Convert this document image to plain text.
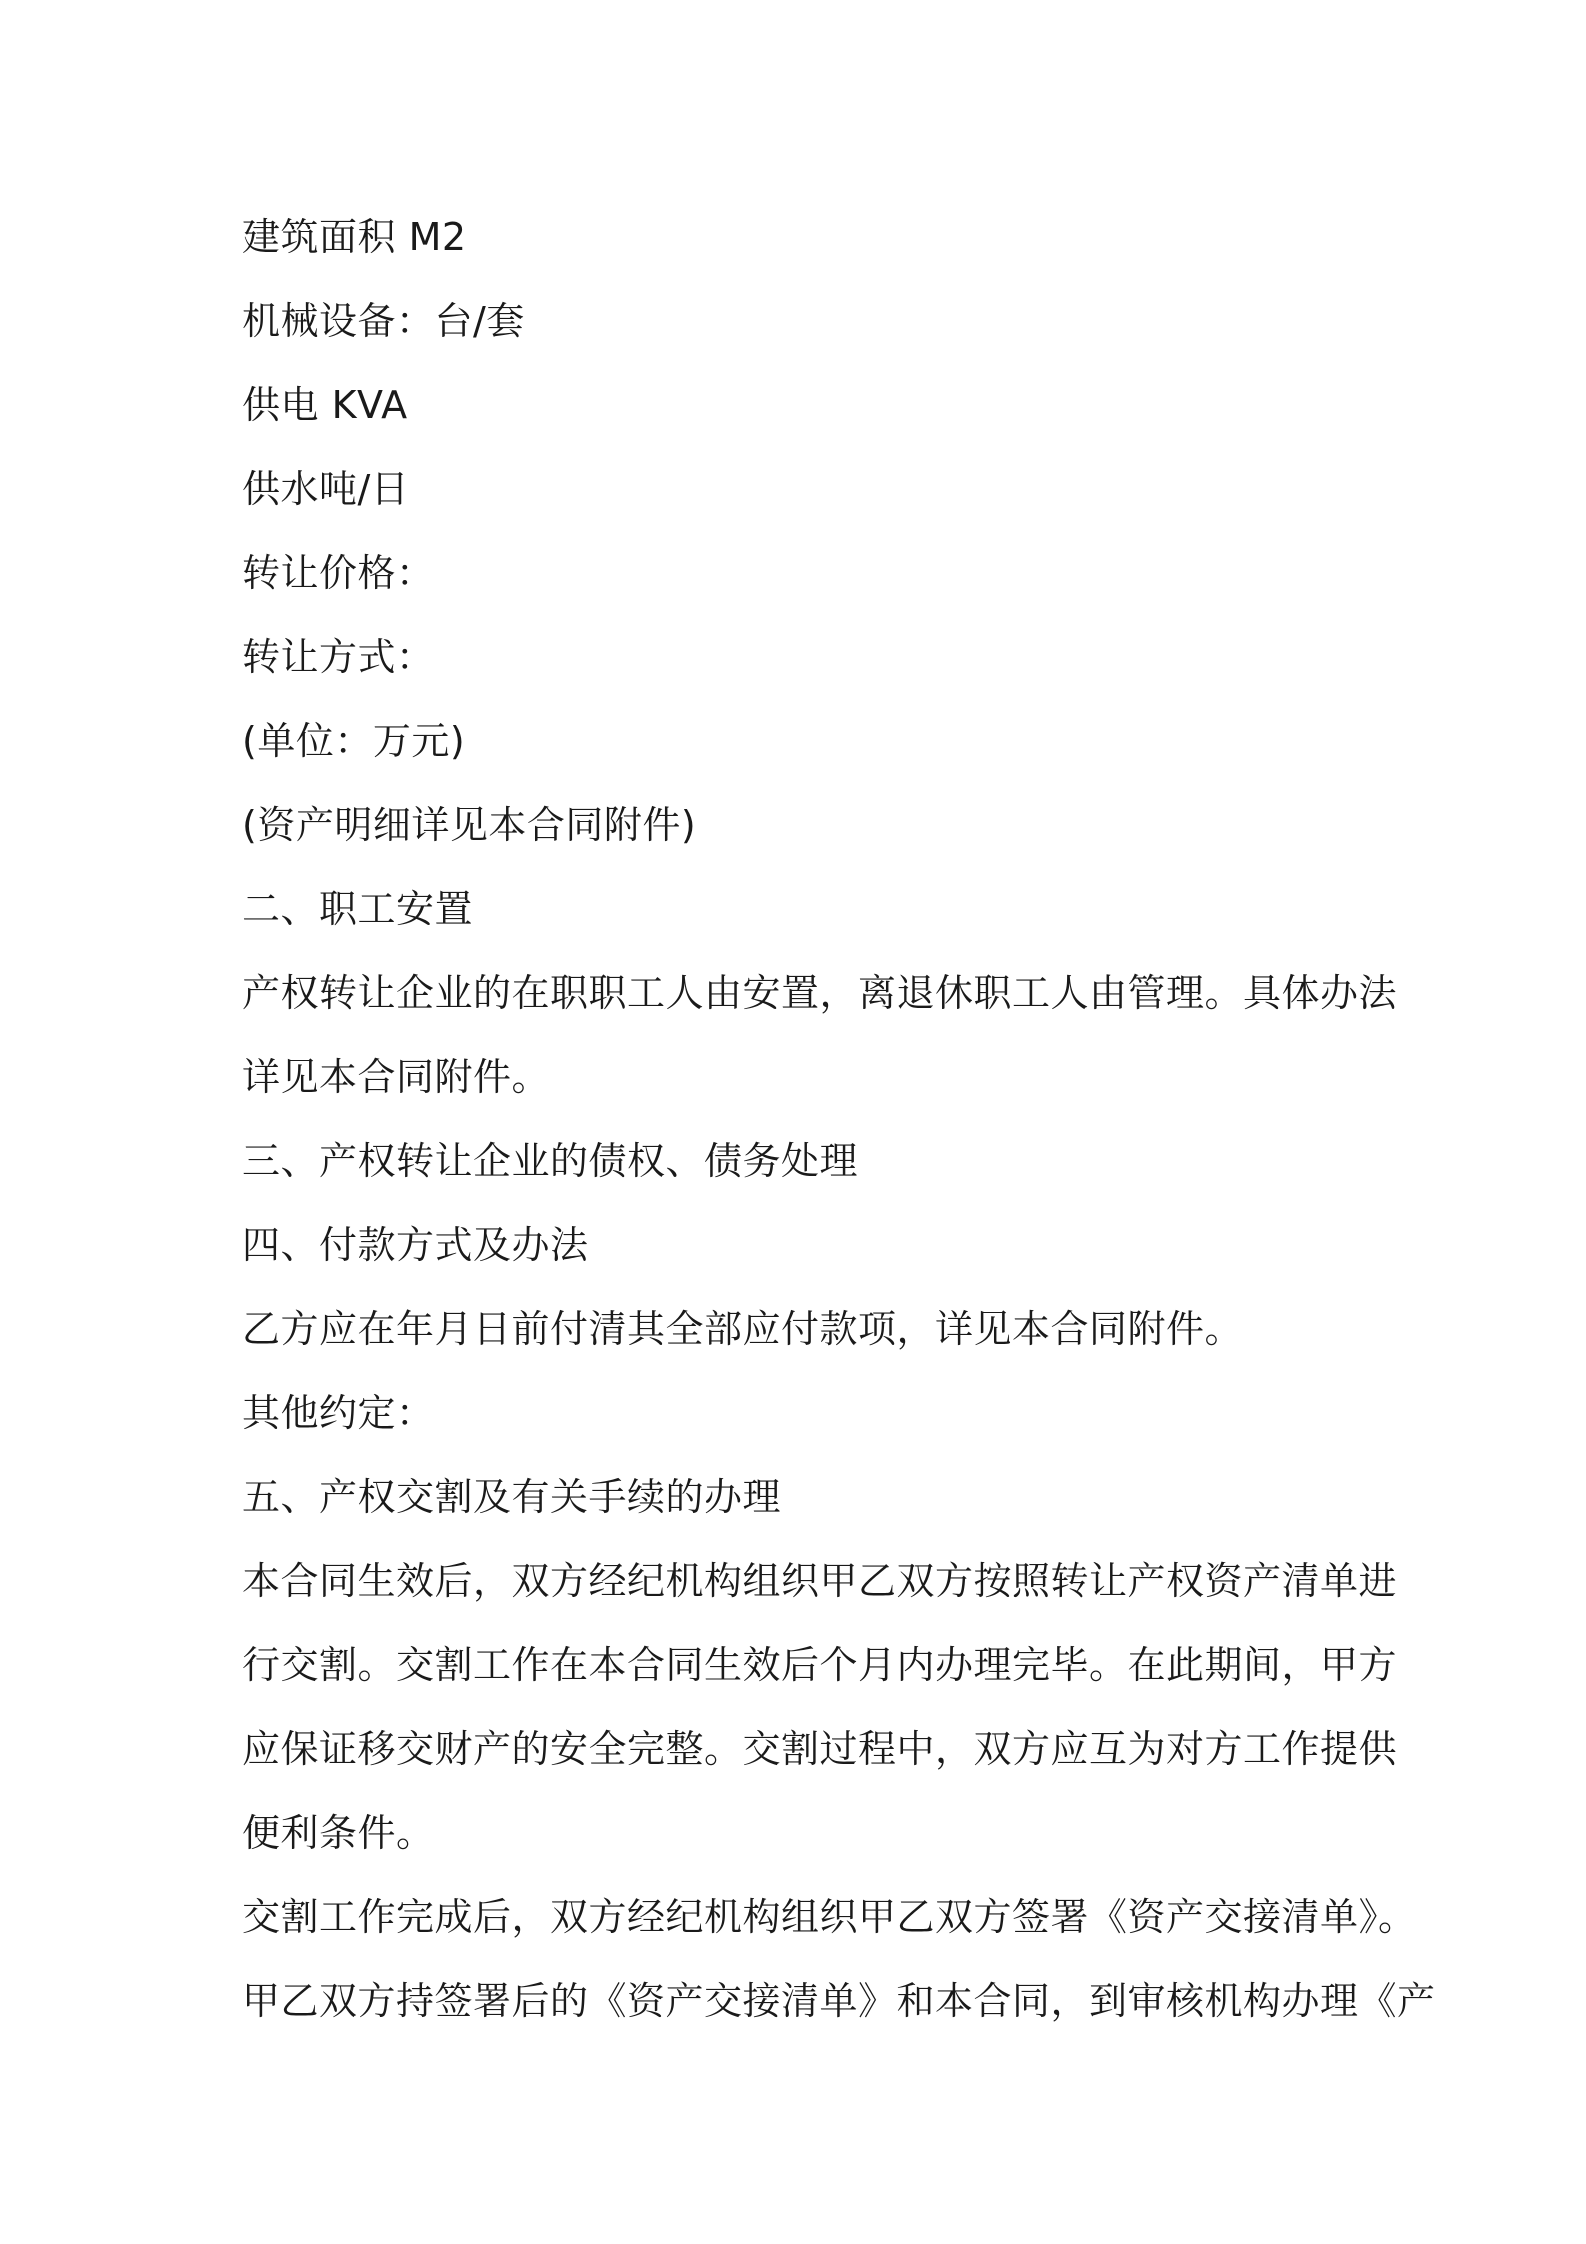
建筑面积 M2
机械设备：台/套
供电 KVA
供水吨/日
转让价格：
转让方式：
(单位：万元)
(资产明细详见本合同附件)
二、职工安置
产权转让企业的在职职工人由安置，离退休职工人由管理。具体办法
详见本合同附件。
三、产权转让企业的债权、债务处理
四、付款方式及办法
乙方应在年月日前付清其全部应付款项，详见本合同附件。
其他约定：
五、产权交割及有关手续的办理
本合同生效后，双方经纪机构组织甲乙双方按照转让产权资产清单进
行交割。交割工作在本合同生效后个月内办理完毕。在此期间，甲方
应保证移交财产的安全完整。交割过程中，双方应互为对方工作提供
便利条件。
交割工作完成后，双方经纪机构组织甲乙双方签署《资产交接清单》。
甲乙双方持签署后的《资产交接清单》和本合同，到审核机构办理《产
